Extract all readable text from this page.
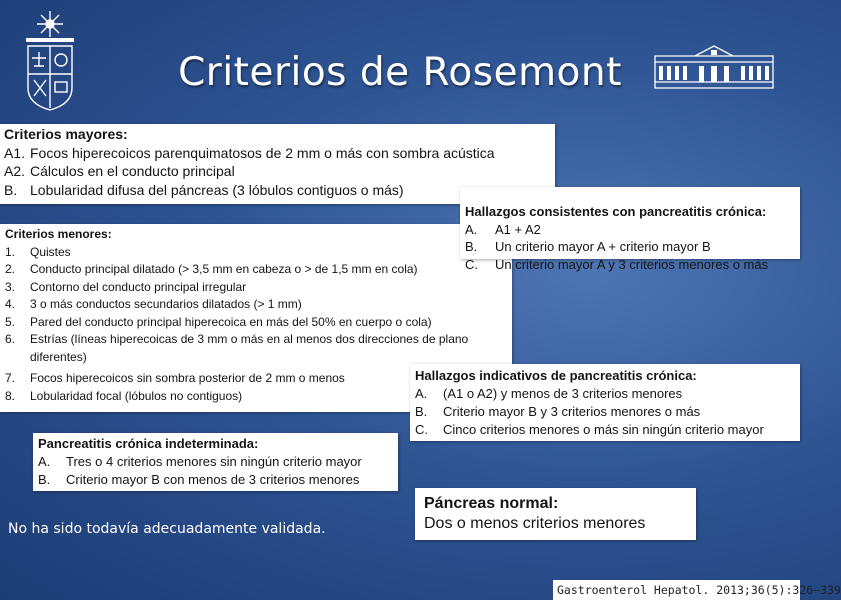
Criterios de Rosemont
Criterios mayores:
A1. Focos hiperecoicos parenquimatosos de 2 mm o más con sombra acústica
A2. Cálculos en el conducto principal
B. Lobularidad difusa del páncreas (3 lóbulos contiguos o más)
Criterios menores:
1.	Quistes
2.	Conducto principal dilatado (> 3,5 mm en cabeza o > de 1,5 mm en cola)
3.	Contorno del conducto principal irregular
4.	3 o más conductos secundarios dilatados (> 1 mm)
5.	Pared del conducto principal hiperecoica en más del 50% en cuerpo o cola)
6.	Estrías (líneas hiperecoicas de 3 mm o más en al menos dos direcciones de plano diferentes)
7.	Focos hiperecoicos sin sombra posterior de 2 mm o menos
8.	Lobularidad focal (lóbulos no contiguos)
Hallazgos consistentes con pancreatitis crónica:
A.	A1 + A2
B.	Un criterio mayor A + criterio mayor B
C.	Un criterio mayor A y 3 criterios menores o más
Hallazgos indicativos de pancreatitis crónica:
A.	(A1 o A2) y menos de 3 criterios menores
B.	Criterio mayor B y 3 criterios menores o más
C.	Cinco criterios menores o más sin ningún criterio mayor
Pancreatitis crónica indeterminada:
A.	Tres o 4 criterios menores sin ningún criterio mayor
B.	Criterio mayor B con menos de 3 criterios menores
Páncreas normal:
Dos o menos criterios menores
No ha sido todavía adecuadamente validada.
Gastroenterol Hepatol. 2013;36(5):326–339
